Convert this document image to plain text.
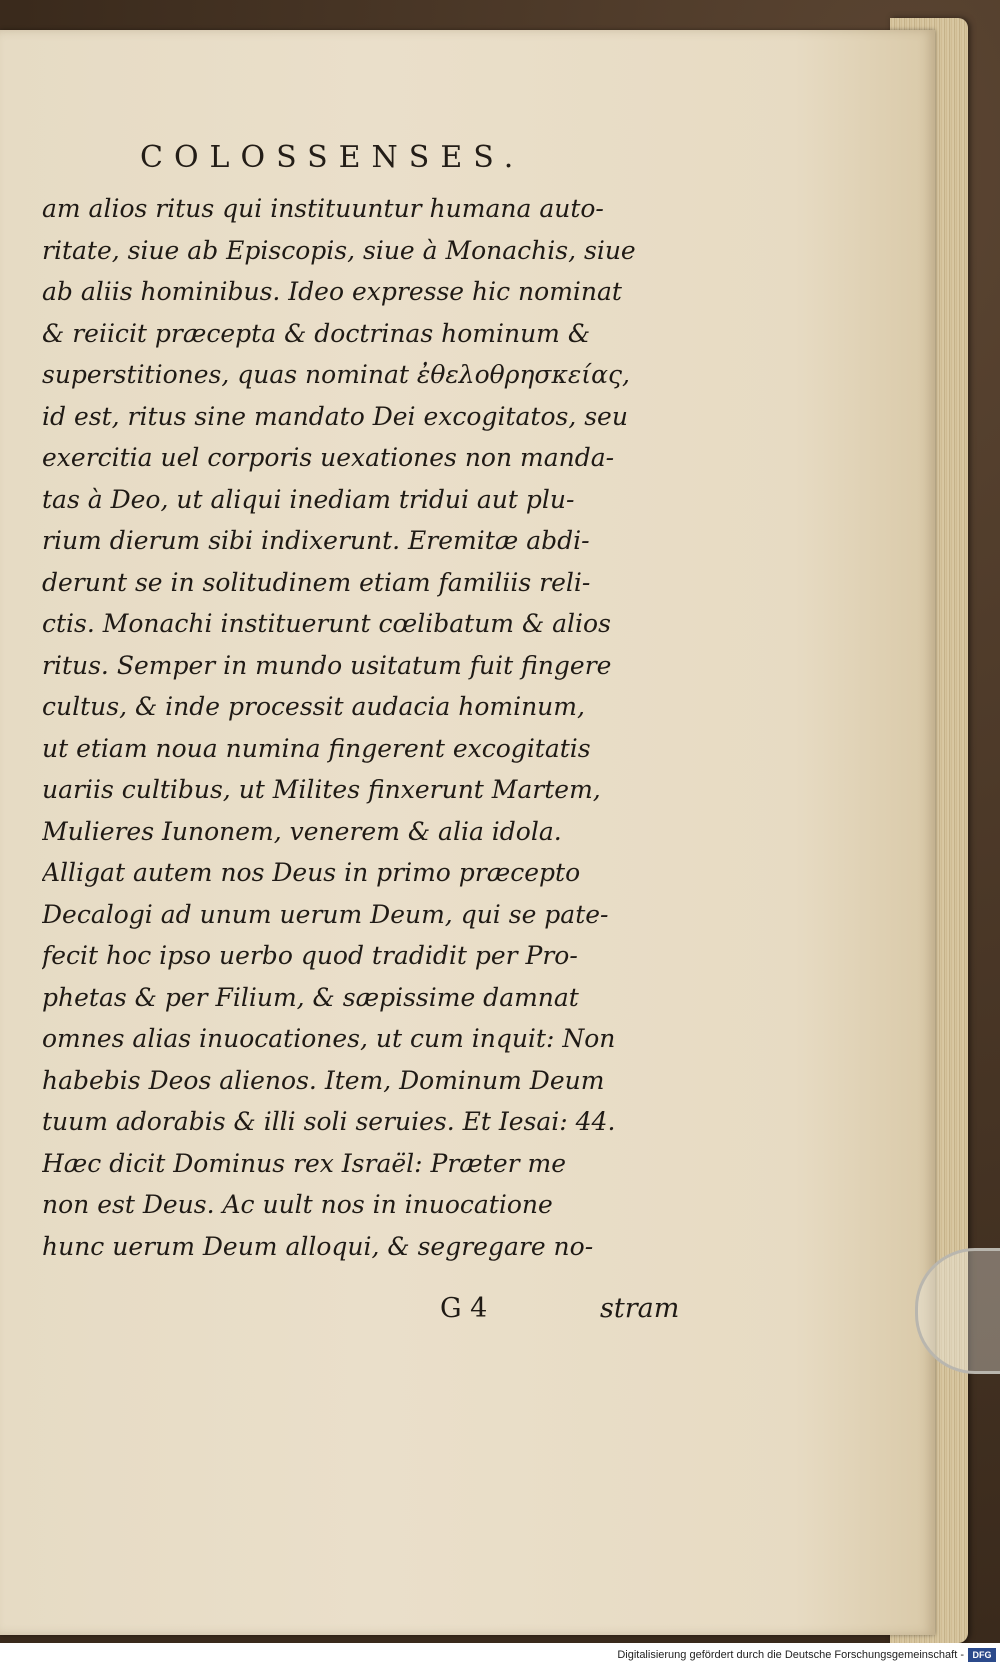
COLOSSENSES.
am alios ritus qui instituuntur humana auto-
ritate, siue ab Episcopis, siue à Monachis, siue
ab aliis hominibus. Ideo expresse hic nominat
& reiicit præcepta & doctrinas hominum &
superstitiones, quas nominat ἐθελοθρησκείας,
id est, ritus sine mandato Dei excogitatos, seu
exercitia uel corporis uexationes non manda-
tas à Deo, ut aliqui inediam tridui aut plu-
rium dierum sibi indixerunt. Eremitæ abdi-
derunt se in solitudinem etiam familiis reli-
ctis. Monachi instituerunt cœlibatum & alios
ritus. Semper in mundo usitatum fuit fingere
cultus, & inde processit audacia hominum,
ut etiam noua numina fingerent excogitatis
uariis cultibus, ut Milites finxerunt Martem,
Mulieres Iunonem, venerem & alia idola.
Alligat autem nos Deus in primo præcepto
Decalogi ad unum uerum Deum, qui se pate-
fecit hoc ipso uerbo quod tradidit per Pro-
phetas & per Filium, & sæpissime damnat
omnes alias inuocationes, ut cum inquit: Non
habebis Deos alienos. Item, Dominum Deum
tuum adorabis & illi soli seruies. Et Iesai: 44.
Hæc dicit Dominus rex Israël: Præter me
non est Deus. Ac uult nos in inuocatione
hunc uerum Deum alloqui, & segregare no-
G 4	stram
Digitalisierung gefördert durch die Deutsche Forschungsgemeinschaft - DFG
